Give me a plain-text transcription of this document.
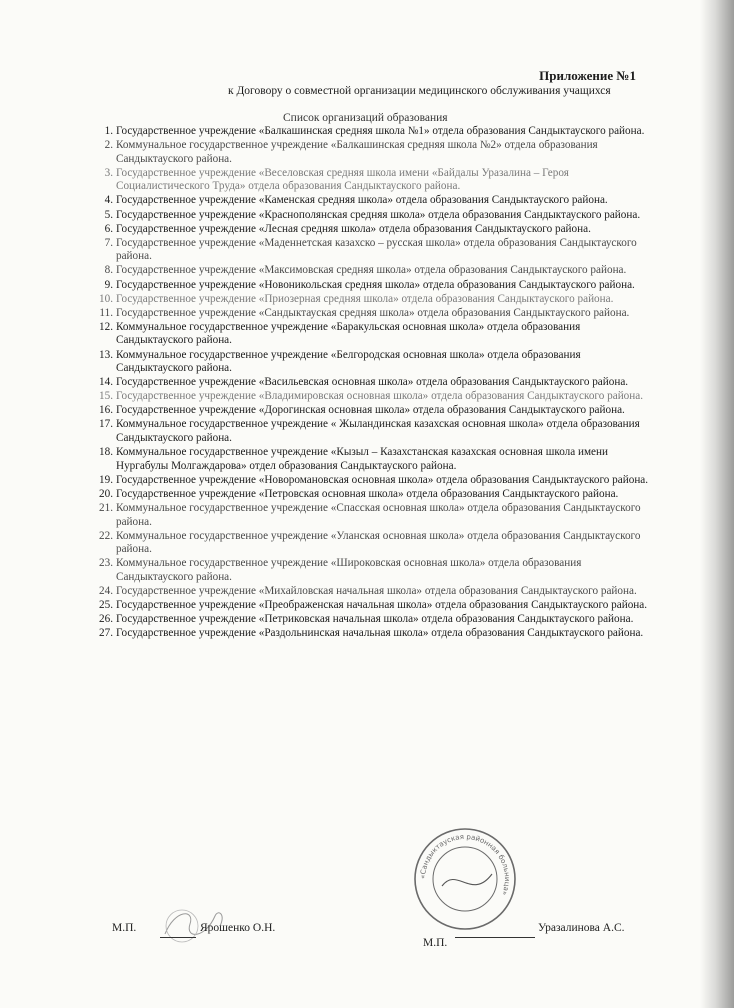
Приложение №1
к Договору о совместной организации медицинского обслуживания учащихся
Список организаций образования
1. Государственное учреждение «Балкашинская средняя школа №1» отдела образования Сандыктауского района.
2. Коммунальное государственное учреждение «Балкашинская средняя школа №2» отдела образования Сандыктауского района.
3. Государственное учреждение «Веселовская средняя школа имени «Байдалы Уразалина – Героя Социалистического Труда» отдела образования Сандыктауского района.
4. Государственное учреждение «Каменская средняя школа» отдела образования Сандыктауского района.
5. Государственное учреждение «Краснополянская средняя школа» отдела образования Сандыктауского района.
6. Государственное учреждение «Лесная средняя школа» отдела образования Сандыктауского района.
7. Государственное учреждение «Маденнетская казахско – русская школа» отдела образования Сандыктауского района.
8. Государственное учреждение «Максимовская средняя школа» отдела образования Сандыктауского района.
9. Государственное учреждение «Новоникольская средняя школа» отдела образования Сандыктауского района.
10. Государственное учреждение «Приозерная средняя школа» отдела образования Сандыктауского района.
11. Государственное учреждение «Сандыктауская средняя школа» отдела образования Сандыктауского района.
12. Коммунальное государственное учреждение «Баракульская основная школа» отдела образования Сандыктауского района.
13. Коммунальное государственное учреждение «Белгородская основная школа» отдела образования Сандыктауского района.
14. Государственное учреждение «Васильевская основная школа» отдела образования Сандыктауского района.
15. Государственное учреждение «Владимировская основная школа» отдела образования Сандыктауского района.
16. Государственное учреждение «Дорогинская основная школа» отдела образования Сандыктауского района.
17. Коммунальное государственное учреждение « Жыландинская казахская основная школа» отдела образования Сандыктауского района.
18. Коммунальное государственное учреждение «Кызыл – Казахстанская казахская основная школа имени Нургабулы Молгаждарова» отдел образования Сандыктауского района.
19. Государственное учреждение «Новоромановская основная школа» отдела образования Сандыктауского района.
20. Государственное учреждение «Петровская основная школа» отдела образования Сандыктауского района.
21. Коммунальное государственное учреждение «Спасская основная школа» отдела образования Сандыктауского района.
22. Коммунальное государственное учреждение «Уланская основная школа» отдела образования Сандыктауского района.
23. Коммунальное государственное учреждение «Широковская основная школа» отдела образования Сандыктауского района.
24. Государственное учреждение «Михайловская начальная школа» отдела образования Сандыктауского района.
25. Государственное учреждение «Преображенская начальная школа» отдела образования Сандыктауского района.
26. Государственное учреждение «Петриковская начальная школа» отдела образования Сандыктауского района.
27. Государственное учреждение «Раздольнинская начальная школа» отдела образования Сандыктауского района.
«Сандыктауская районная больница»
М.П.	Ярошенко О.Н.
М.П.
Уразалинова А.С.
